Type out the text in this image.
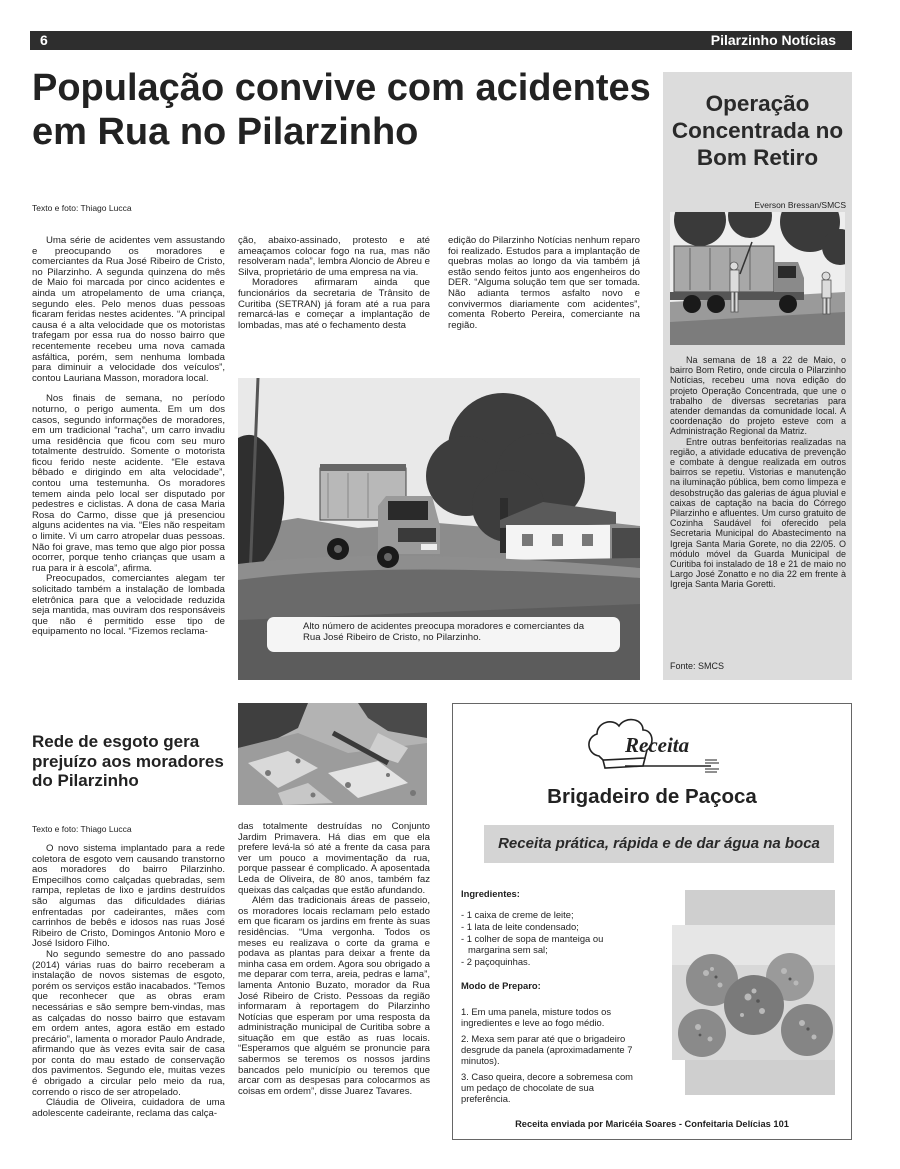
6	Pilarzinho Notícias
População convive com acidentes em Rua no Pilarzinho
Texto e foto: Thiago Lucca

Uma série de acidentes vem assustando e preocupando os moradores e comerciantes da Rua José Ribeiro de Cristo, no Pilarzinho. A segunda quinzena do mês de Maio foi marcada por cinco acidentes e ainda um atropelamento de uma criança, segundo eles. Pelo menos duas pessoas ficaram feridas nestes acidentes. “A principal causa é a alta velocidade que os motoristas trafegam por essa rua do nosso bairro que recentemente recebeu uma nova camada asfáltica, porém, sem nenhuma lombada para diminuir a velocidade dos veículos”, contou Lauriana Masson, moradora local.

Nos finais de semana, no período noturno, o perigo aumenta. Em um dos casos, segundo informações de moradores, em um tradicional “racha”, um carro invadiu uma residência que ficou com seu muro totalmente destruído. Somente o motorista ficou ferido neste acidente. “Ele estava bêbado e dirigindo em alta velocidade”, contou uma testemunha. Os moradores temem ainda pelo local ser disputado por pedestres e ciclistas. A dona de casa Maria Rosa do Carmo, disse que já presenciou alguns acidentes na via. “Eles não respeitam o limite. Vi um carro atropelar duas pessoas. Não foi grave, mas temo que algo pior possa ocorrer, porque tenho crianças que usam a rua para ir à escola”, afirma.

Preocupados, comerciantes alegam ter solicitado também a instalação de lombada eletrônica para que a velocidade reduzida seja mantida, mas ouviram dos responsáveis que não é permitido esse tipo de equipamento no local. “Fizemos reclama-

ção, abaixo-assinado, protesto e até ameaçamos colocar fogo na rua, mas não resolveram nada”, lembra Aloncio de Abreu e Silva, proprietário de uma empresa na via.

Moradores afirmaram ainda que funcionários da secretaria de Trânsito de Curitiba (SETRAN) já foram até a rua para remarcá-las e começar a implantação de lombadas, mas até o fechamento desta

edição do Pilarzinho Notícias nenhum reparo foi realizado. Estudos para a implantação de quebras molas ao longo da via também já estão sendo feitos junto aos engenheiros do DER. “Alguma solução tem que ser tomada. Não adianta termos asfalto novo e convivermos diariamente com acidentes”, comenta Roberto Pereira, comerciante na região.

Alto número de acidentes preocupa moradores e comerciantes da Rua José Ribeiro de Cristo, no Pilarzinho.
Operação Concentrada no Bom Retiro
Everson Bressan/SMCS

Na semana de 18 a 22 de Maio, o bairro Bom Retiro, onde circula o Pilarzinho Notícias, recebeu uma nova edição do projeto Operação Concentrada, que une o trabalho de diversas secretarias para atender demandas da comunidade local. A coordenação do projeto esteve com a Administração Regional da Matriz.

Entre outras benfeitorias realizadas na região, a atividade educativa de prevenção e combate à dengue realizada em outros bairros se repetiu. Vistorias e manutenção na iluminação pública, bem como limpeza e desobstrução das galerias de água pluvial e caixas de captação na bacia do Córrego Pilarzinho e afluentes. Um curso gratuito de Cozinha Saudável foi oferecido pela Secretaria Municipal do Abastecimento na Igreja Santa Maria Gorete, no dia 22/05. O módulo móvel da Guarda Municipal de Curitiba foi instalado de 18 e 21 de maio no Largo José Zonatto e no dia 22 em frente à Igreja Santa Maria Goretti.

Fonte: SMCS
Rede de esgoto gera prejuízo aos moradores do Pilarzinho
Texto e foto: Thiago Lucca

O novo sistema implantado para a rede coletora de esgoto vem causando transtorno aos moradores do bairro Pilarzinho. Empecilhos como calçadas quebradas, sem rampa, repletas de lixo e jardins destruídos são algumas das dificuldades diárias enfrentadas por cadeirantes, mães com carrinhos de bebês e idosos nas ruas José Ribeiro de Cristo, Domingos Antonio Moro e José Isidoro Filho.

No segundo semestre do ano passado (2014) várias ruas do bairro receberam a instalação de novos sistemas de esgoto, porém os serviços estão inacabados. “Temos que reconhecer que as obras eram necessárias e são sempre bem-vindas, mas as calçadas do nosso bairro que estavam em ordem antes, agora estão em estado precário”, lamenta o morador Paulo Andrade, afirmando que às vezes evita sair de casa por conta do mau estado de conservação dos pavimentos. Segundo ele, muitas vezes é obrigado a circular pelo meio da rua, correndo o risco de ser atropelado.

Cláudia de Oliveira, cuidadora de uma adolescente cadeirante, reclama das calça-

das totalmente destruídas no Conjunto Jardim Primavera. Há dias em que ela prefere levá-la só até a frente da casa para ver um pouco a movimentação da rua, porque passear é complicado. A aposentada Leda de Oliveira, de 80 anos, também faz queixas das calçadas que estão afundando.

Além das tradicionais áreas de passeio, os moradores locais reclamam pelo estado em que ficaram os jardins em frente às suas residências. “Uma vergonha. Todos os meses eu realizava o corte da grama e podava as plantas para deixar a frente da minha casa em ordem. Agora sou obrigado a me deparar com terra, areia, pedras e lama”, lamenta Antonio Buzato, morador da Rua José Ribeiro de Cristo. Pessoas da região informaram à reportagem do Pilarzinho Notícias que esperam por uma resposta da administração municipal de Curitiba sobre a situação em que estão as ruas locais. “Esperamos que alguém se pronuncie para sabermos se teremos os nossos jardins bancados pelo município ou teremos que arcar com as despesas para colocarmos as coisas em ordem”, disse Juarez Tavares.

Receita
Brigadeiro de Paçoca
Receita prática, rápida e de dar água na boca
Ingredientes:
- 1 caixa de creme de leite;
- 1 lata de leite condensado;
- 1 colher de sopa de manteiga ou margarina sem sal;
- 2 paçoquinhas.
Modo de Preparo:

1. Em uma panela, misture todos os ingredientes e leve ao fogo médio.

2. Mexa sem parar até que o brigadeiro desgrude da panela (aproximadamente 7 minutos).

3. Caso queira, decore a sobremesa com um pedaço de chocolate de sua preferência.

Receita enviada por Maricéia Soares - Confeitaria Delícias 101
